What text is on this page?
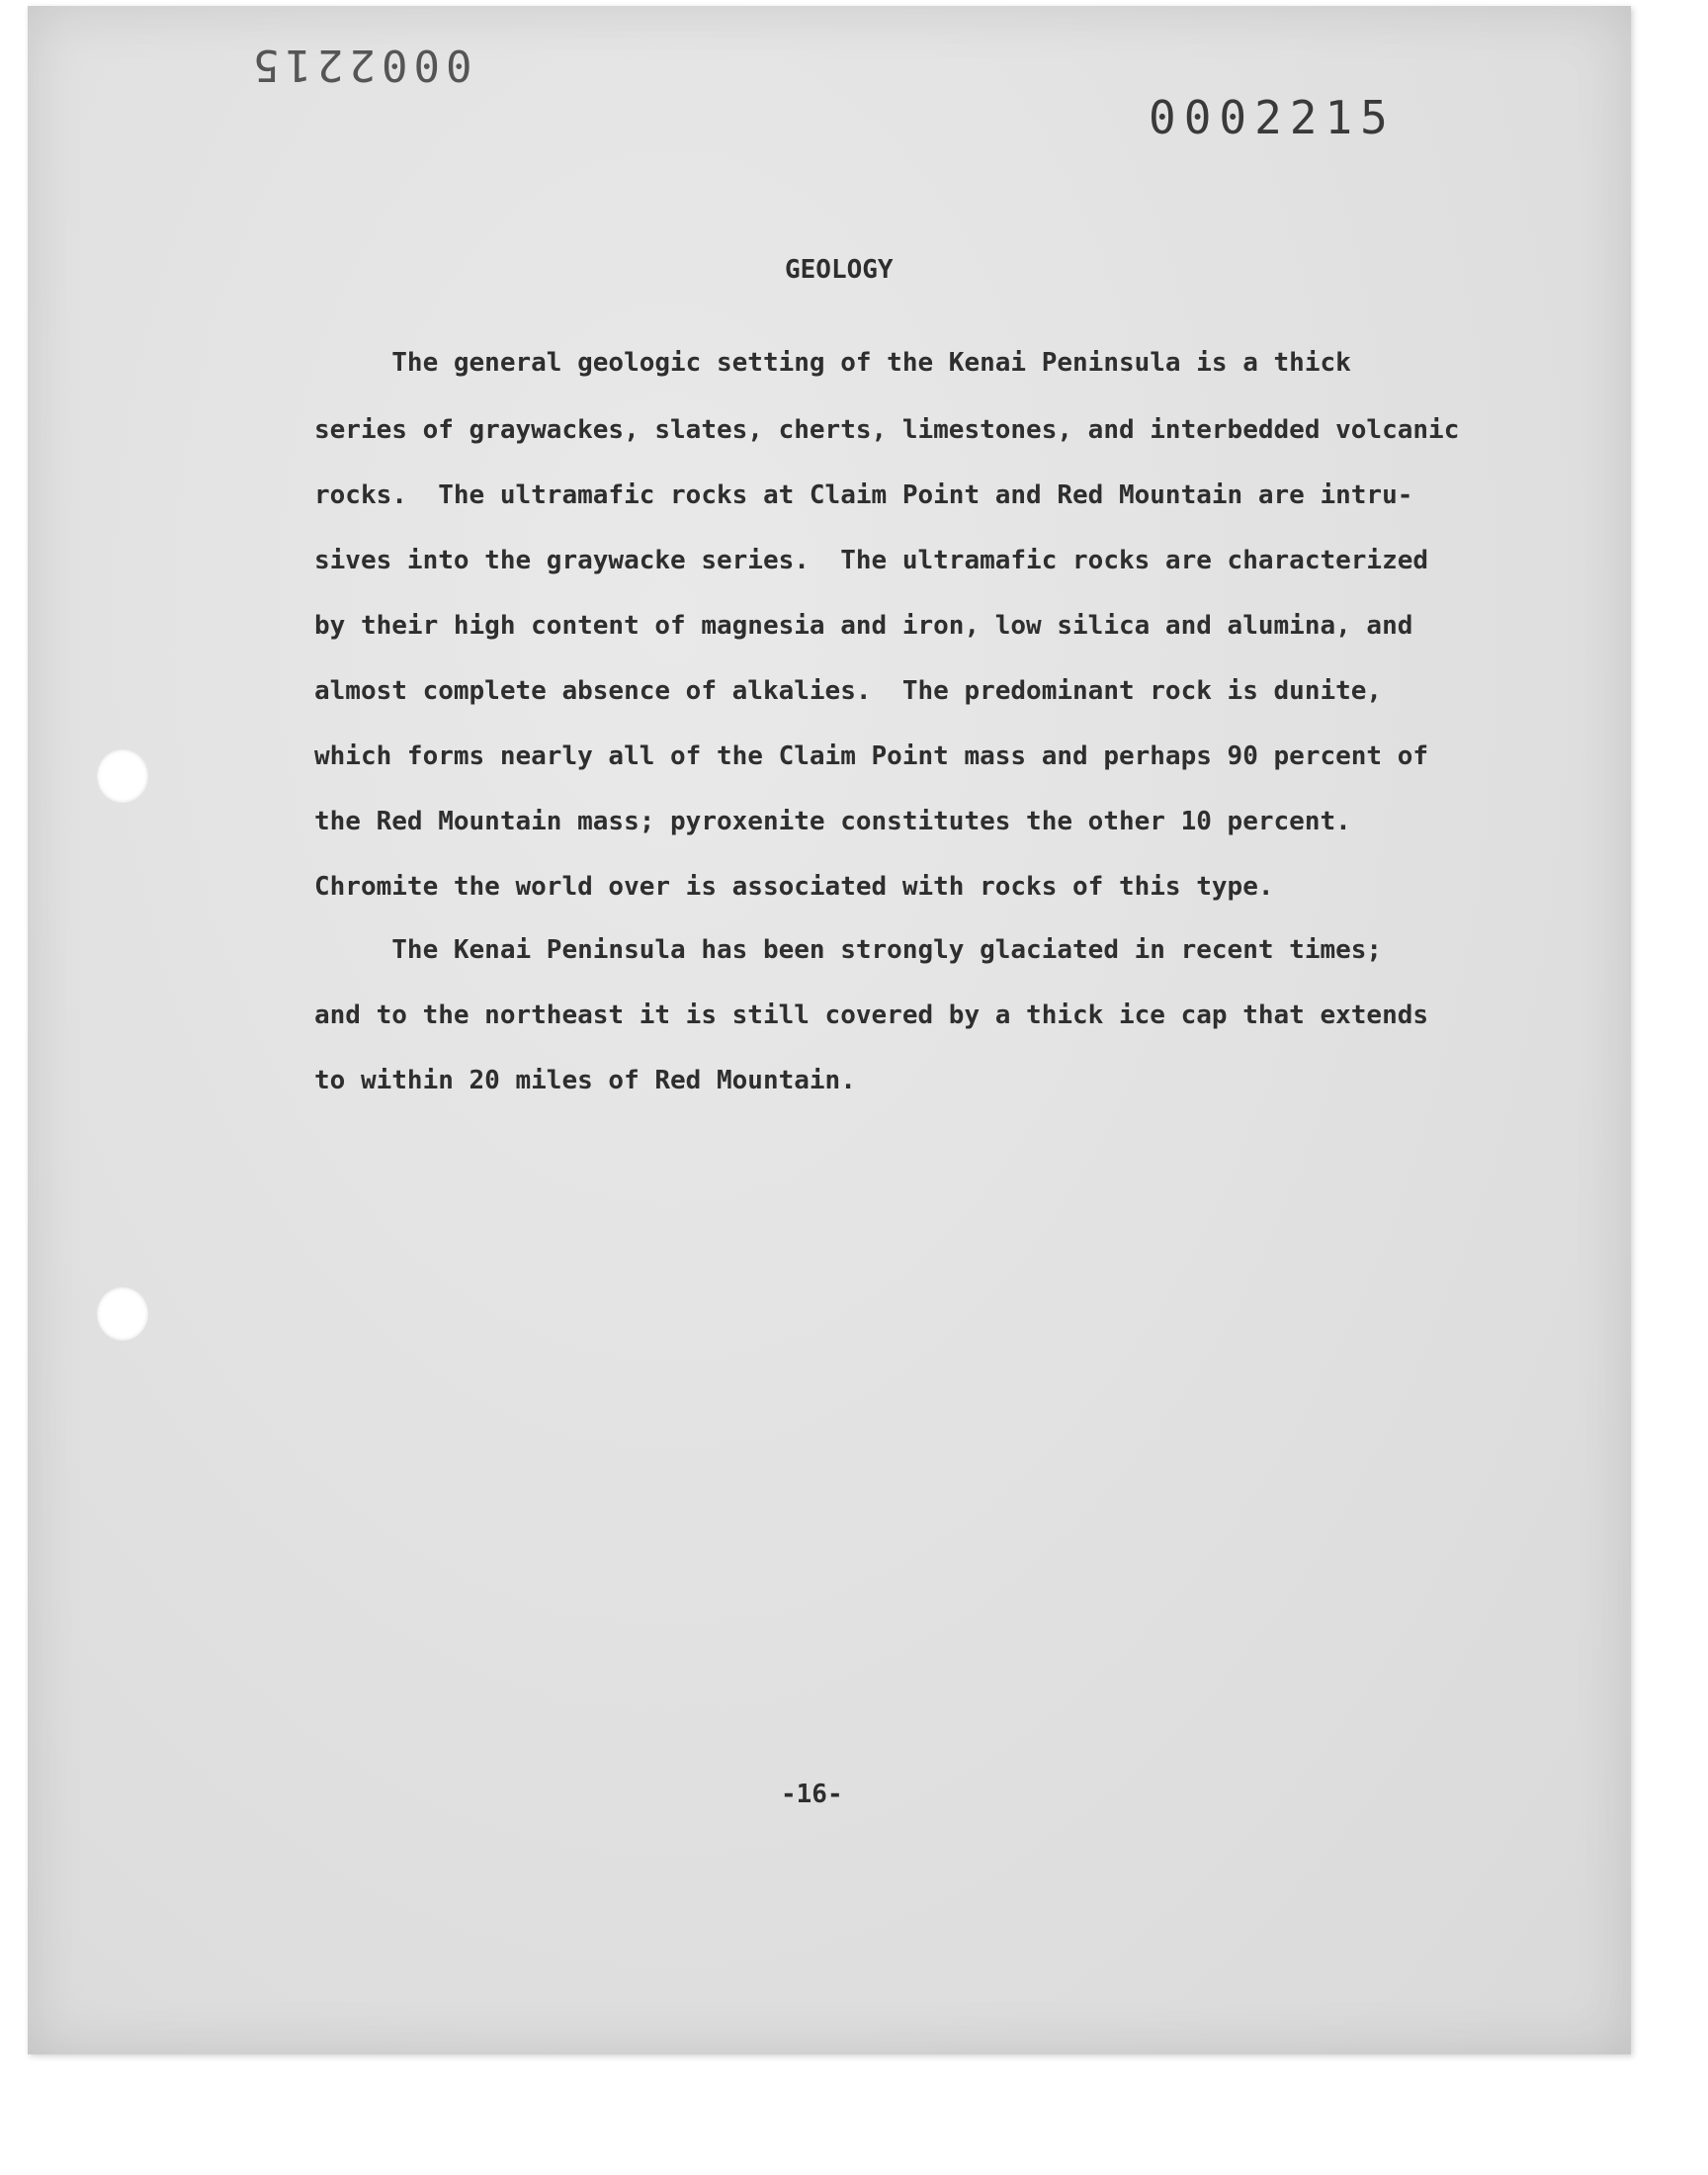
0002215
0002215
GEOLOGY
The general geologic setting of the Kenai Peninsula is a thick
series of graywackes, slates, cherts, limestones, and interbedded volcanic
rocks.  The ultramafic rocks at Claim Point and Red Mountain are intru-
sives into the graywacke series.  The ultramafic rocks are characterized
by their high content of magnesia and iron, low silica and alumina, and
almost complete absence of alkalies.  The predominant rock is dunite,
which forms nearly all of the Claim Point mass and perhaps 90 percent of
the Red Mountain mass; pyroxenite constitutes the other 10 percent.
Chromite the world over is associated with rocks of this type.
The Kenai Peninsula has been strongly glaciated in recent times;
and to the northeast it is still covered by a thick ice cap that extends
to within 20 miles of Red Mountain.
-16-
